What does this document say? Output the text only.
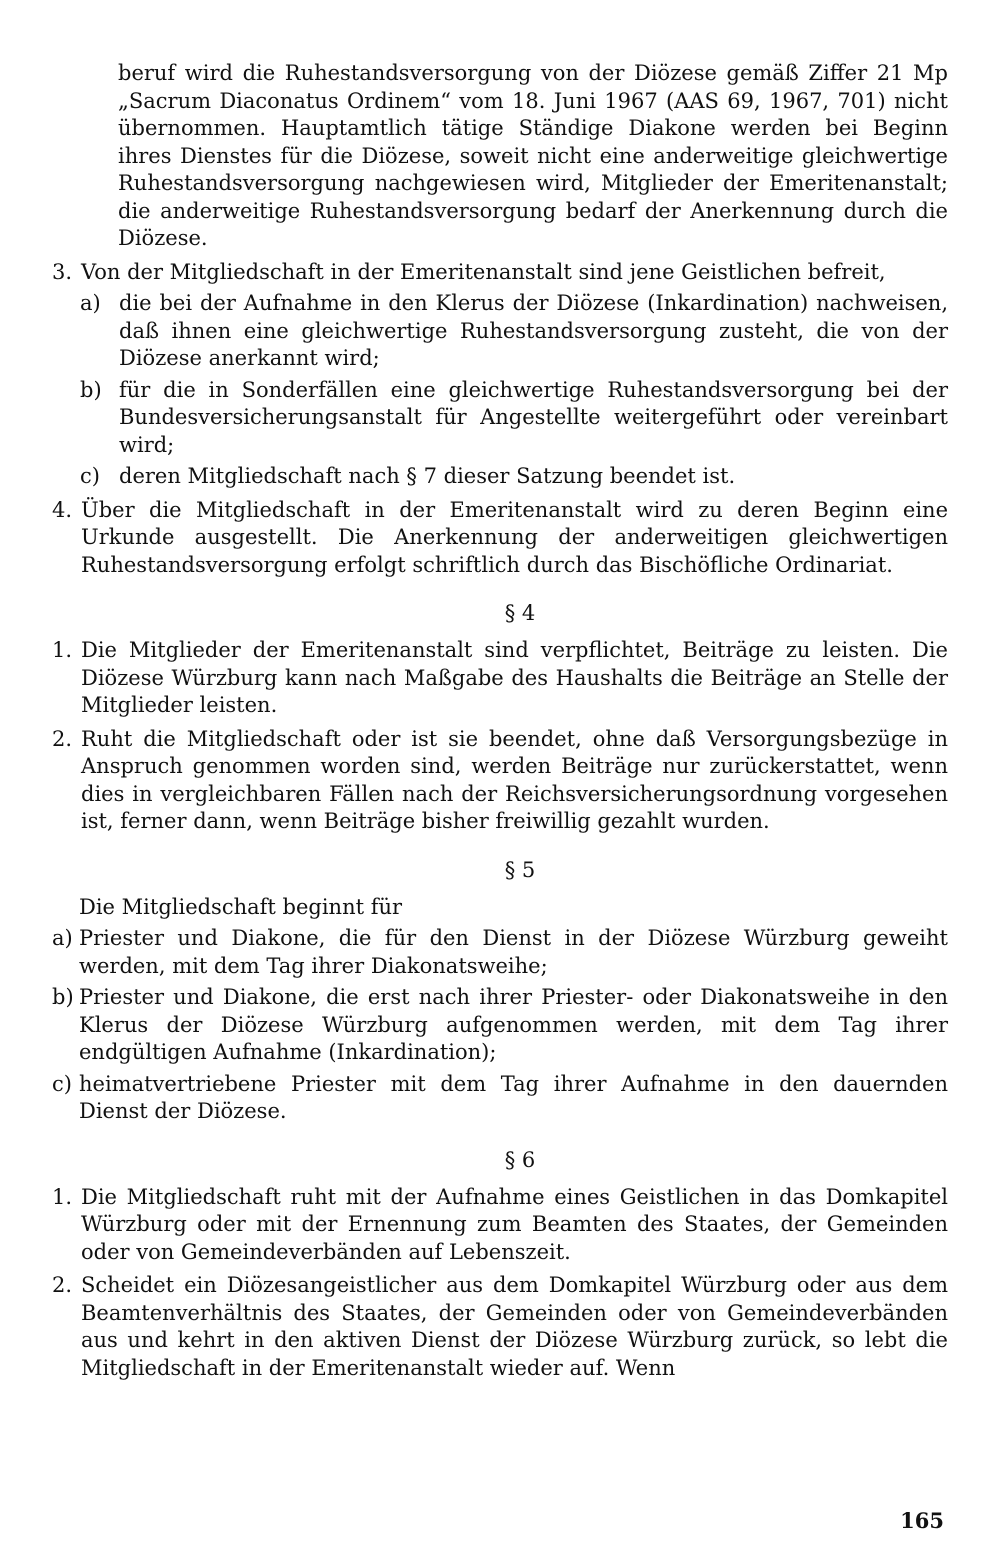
beruf wird die Ruhestandsversorgung von der Diözese gemäß Ziffer 21 Mp „Sacrum Diaconatus Ordinem“ vom 18. Juni 1967 (AAS 69, 1967, 701) nicht übernommen. Hauptamtlich tätige Ständige Diakone werden bei Beginn ihres Dienstes für die Diözese, soweit nicht eine anderweitige gleichwertige Ruhestandsversorgung nachgewiesen wird, Mitglieder der Emeritenanstalt; die anderweitige Ruhestandsversorgung bedarf der Anerkennung durch die Diözese.
3. Von der Mitgliedschaft in der Emeritenanstalt sind jene Geistlichen befreit,
a) die bei der Aufnahme in den Klerus der Diözese (Inkardination) nachweisen, daß ihnen eine gleichwertige Ruhestandsversorgung zusteht, die von der Diözese anerkannt wird;
b) für die in Sonderfällen eine gleichwertige Ruhestandsversorgung bei der Bundesversicherungsanstalt für Angestellte weitergeführt oder vereinbart wird;
c) deren Mitgliedschaft nach § 7 dieser Satzung beendet ist.
4. Über die Mitgliedschaft in der Emeritenanstalt wird zu deren Beginn eine Urkunde ausgestellt. Die Anerkennung der anderweitigen gleichwertigen Ruhestandsversorgung erfolgt schriftlich durch das Bischöfliche Ordinariat.
§ 4
1. Die Mitglieder der Emeritenanstalt sind verpflichtet, Beiträge zu leisten. Die Diözese Würzburg kann nach Maßgabe des Haushalts die Beiträge an Stelle der Mitglieder leisten.
2. Ruht die Mitgliedschaft oder ist sie beendet, ohne daß Versorgungsbezüge in Anspruch genommen worden sind, werden Beiträge nur zurückerstattet, wenn dies in vergleichbaren Fällen nach der Reichsversicherungsordnung vorgesehen ist, ferner dann, wenn Beiträge bisher freiwillig gezahlt wurden.
§ 5
Die Mitgliedschaft beginnt für
a) Priester und Diakone, die für den Dienst in der Diözese Würzburg geweiht werden, mit dem Tag ihrer Diakonatsweihe;
b) Priester und Diakone, die erst nach ihrer Priester- oder Diakonatsweihe in den Klerus der Diözese Würzburg aufgenommen werden, mit dem Tag ihrer endgültigen Aufnahme (Inkardination);
c) heimatvertriebene Priester mit dem Tag ihrer Aufnahme in den dauernden Dienst der Diözese.
§ 6
1. Die Mitgliedschaft ruht mit der Aufnahme eines Geistlichen in das Domkapitel Würzburg oder mit der Ernennung zum Beamten des Staates, der Gemeinden oder von Gemeindeverbänden auf Lebenszeit.
2. Scheidet ein Diözesangeistlicher aus dem Domkapitel Würzburg oder aus dem Beamtenverhältnis des Staates, der Gemeinden oder von Gemeindeverbänden aus und kehrt in den aktiven Dienst der Diözese Würzburg zurück, so lebt die Mitgliedschaft in der Emeritenanstalt wieder auf. Wenn
165
